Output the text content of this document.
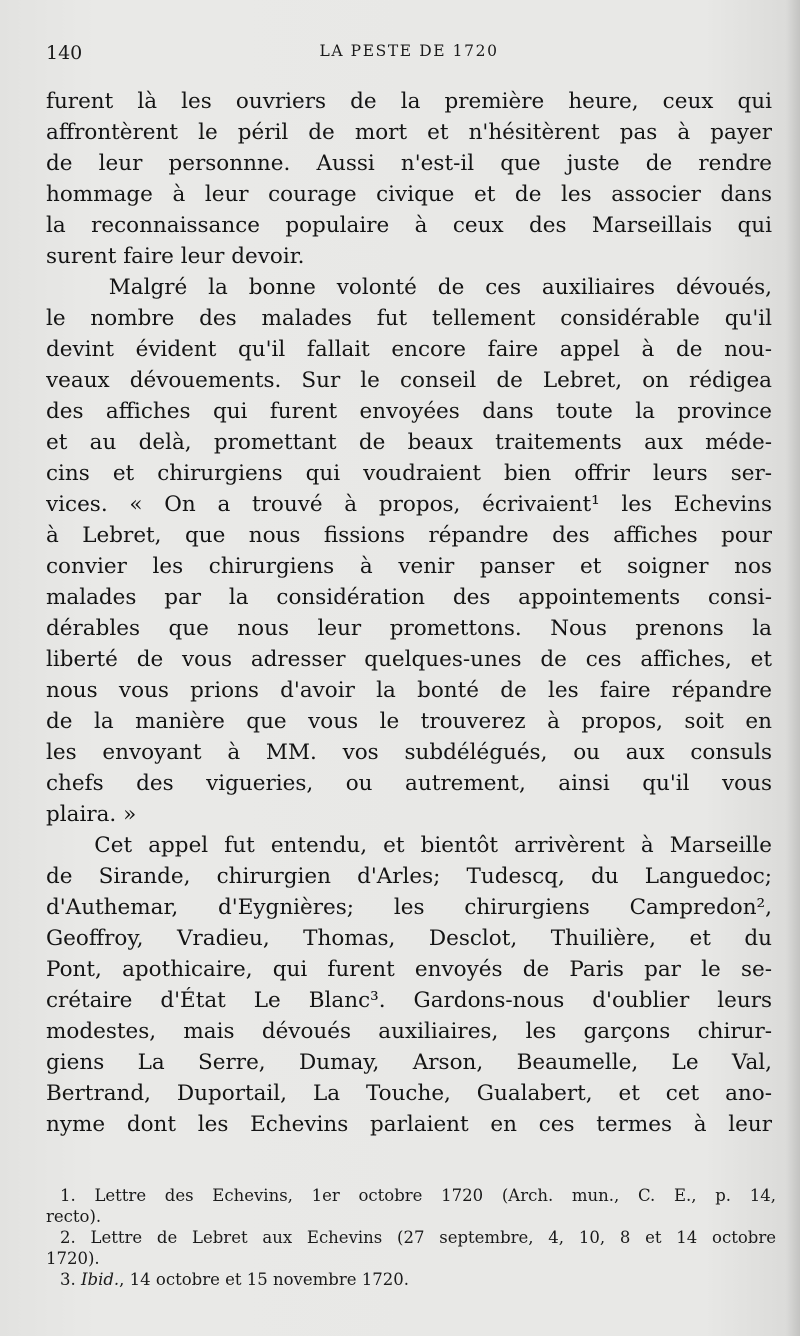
140	LA PESTE DE 1720
furent là les ouvriers de la première heure, ceux qui
affrontèrent le péril de mort et n'hésitèrent pas à payer
de leur personnne. Aussi n'est-il que juste de rendre
hommage à leur courage civique et de les associer dans
la reconnaissance populaire à ceux des Marseillais qui
surent faire leur devoir.
Malgré la bonne volonté de ces auxiliaires dévoués,
le nombre des malades fut tellement considérable qu'il
devint évident qu'il fallait encore faire appel à de nou-
veaux dévouements. Sur le conseil de Lebret, on rédigea
des affiches qui furent envoyées dans toute la province
et au delà, promettant de beaux traitements aux méde-
cins et chirurgiens qui voudraient bien offrir leurs ser-
vices. « On a trouvé à propos, écrivaient¹ les Echevins
à Lebret, que nous fissions répandre des affiches pour
convier les chirurgiens à venir panser et soigner nos
malades par la considération des appointements consi-
dérables que nous leur promettons. Nous prenons la
liberté de vous adresser quelques-unes de ces affiches, et
nous vous prions d'avoir la bonté de les faire répandre
de la manière que vous le trouverez à propos, soit en
les envoyant à MM. vos subdélégués, ou aux consuls
chefs des vigueries, ou autrement, ainsi qu'il vous
plaira. »
Cet appel fut entendu, et bientôt arrivèrent à Marseille
de Sirande, chirurgien d'Arles; Tudescq, du Languedoc;
d'Authemar, d'Eygnières; les chirurgiens Campredon²,
Geoffroy, Vradieu, Thomas, Desclot, Thuilière, et du
Pont, apothicaire, qui furent envoyés de Paris par le se-
crétaire d'État Le Blanc³. Gardons-nous d'oublier leurs
modestes, mais dévoués auxiliaires, les garçons chirur-
giens La Serre, Dumay, Arson, Beaumelle, Le Val,
Bertrand, Duportail, La Touche, Gualabert, et cet ano-
nyme dont les Echevins parlaient en ces termes à leur
1. Lettre des Echevins, 1er octobre 1720 (Arch. mun., C. E., p. 14,
recto).
2. Lettre de Lebret aux Echevins (27 septembre, 4, 10, 8 et 14 octobre
1720).
3. Ibid., 14 octobre et 15 novembre 1720.
